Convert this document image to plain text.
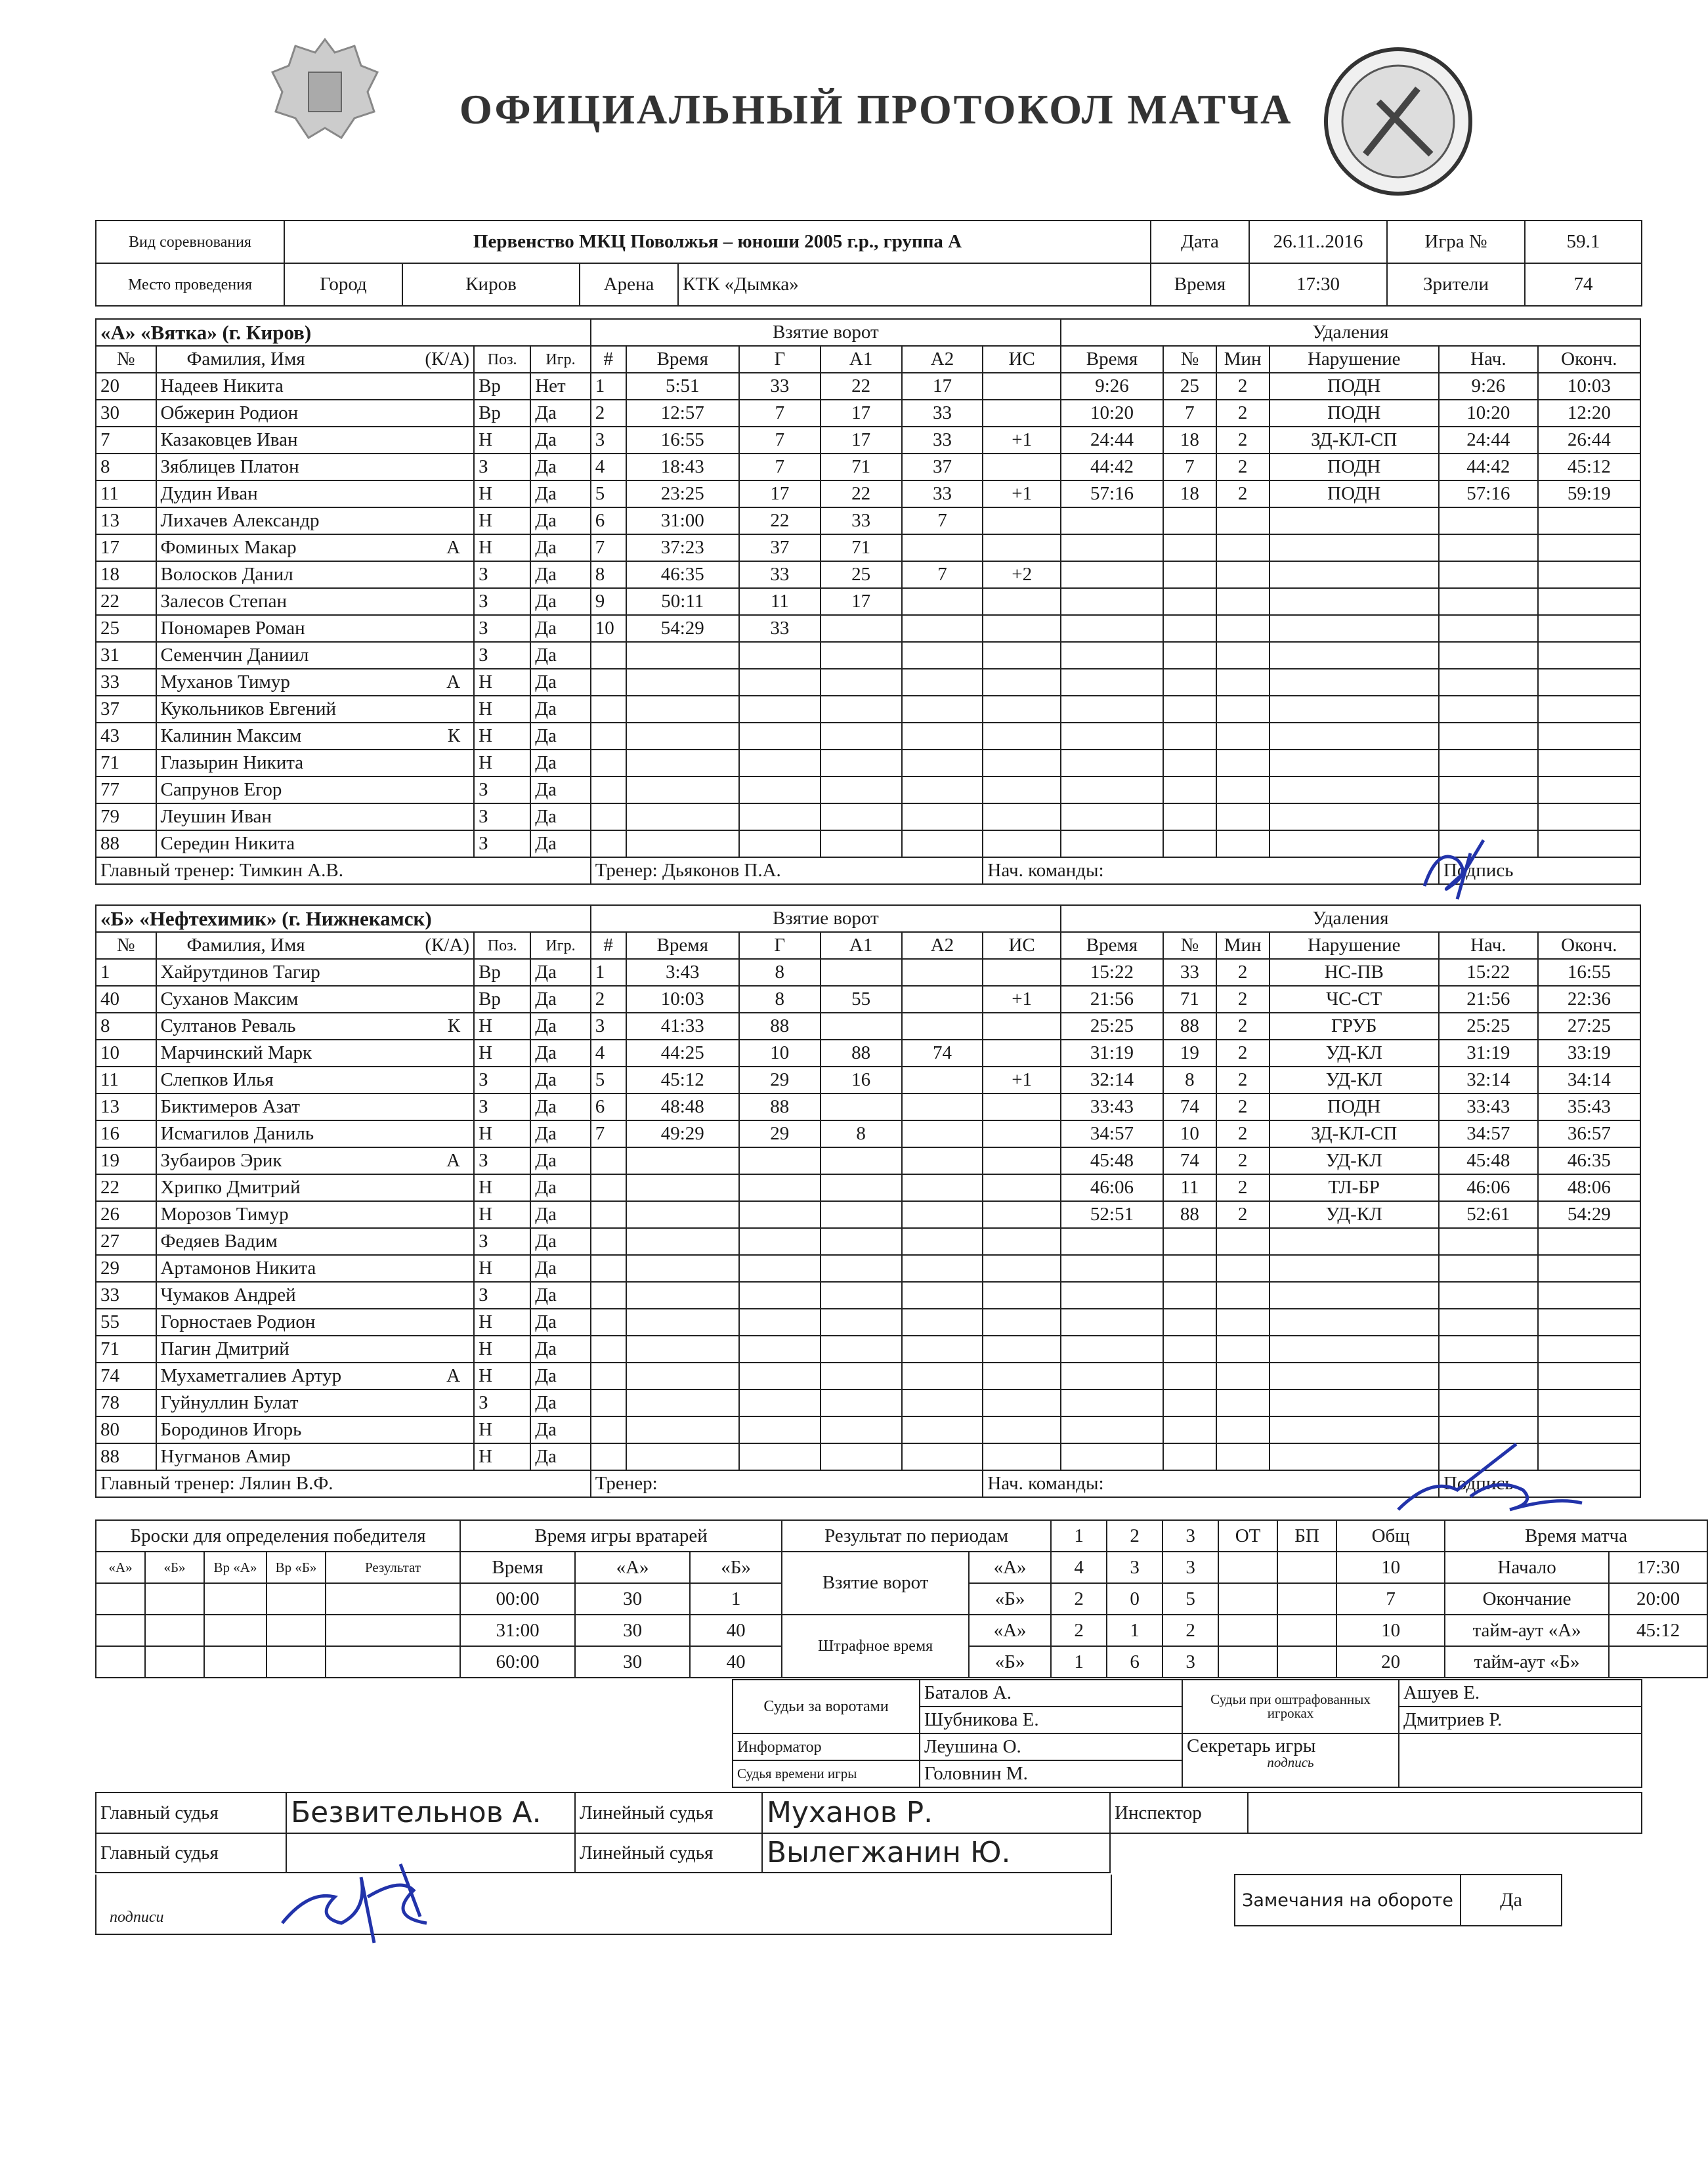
ОФИЦИАЛЬНЫЙ ПРОТОКОЛ МАТЧА
Вид соревнования	Первенство МКЦ Поволжья – юноши 2005 г.р., группа А	Дата	26.11..2016	Игра №	59.1
Место проведения	Город	Киров	Арена	КТК «Дымка»	Время	17:30	Зрители	74
«А» «Вятка» (г. Киров)				Взятие ворот						Удаления					
№	Фамилия, Имя (К/А)	Поз.	Игр.	#	Время	Г	А1	А2	ИС	Время	№	Мин	Нарушение	Нач.	Оконч.
20	Надеев Никита	Вр	Нет	1	5:51	33	22	17		9:26	25	2	ПОДН	9:26	10:03
30	Обжерин Родион	Вр	Да	2	12:57	7	17	33		10:20	7	2	ПОДН	10:20	12:20
7	Казаковцев Иван	Н	Да	3	16:55	7	17	33	+1	24:44	18	2	ЗД-КЛ-СП	24:44	26:44
8	Зяблицев Платон	З	Да	4	18:43	7	71	37		44:42	7	2	ПОДН	44:42	45:12
11	Дудин Иван	Н	Да	5	23:25	17	22	33	+1	57:16	18	2	ПОДН	57:16	59:19
13	Лихачев Александр	Н	Да	6	31:00	22	33	7							
17	Фоминых Макар А	Н	Да	7	37:23	37	71								
18	Волосков Данил	З	Да	8	46:35	33	25	7	+2						
22	Залесов Степан	З	Да	9	50:11	11	17								
25	Пономарев Роман	З	Да	10	54:29	33									
31	Семенчин Даниил	З	Да												
33	Муханов Тимур А	Н	Да												
37	Кукольников Евгений	Н	Да												
43	Калинин Максим К	Н	Да												
71	Глазырин Никита	Н	Да												
77	Сапрунов Егор	З	Да												
79	Леушин Иван	З	Да												
88	Середин Никита	З	Да												
Главный тренер: Тимкин А.В.				Тренер: Дьяконов П.А.					Нач. команды:					Подпись	
«Б» «Нефтехимик» (г. Нижнекамск)				Взятие ворот						Удаления					
№	Фамилия, Имя (К/А)	Поз.	Игр.	#	Время	Г	А1	А2	ИС	Время	№	Мин	Нарушение	Нач.	Оконч.
1	Хайрутдинов Тагир	Вр	Да	1	3:43	8				15:22	33	2	НС-ПВ	15:22	16:55
40	Суханов Максим	Вр	Да	2	10:03	8	55		+1	21:56	71	2	ЧС-СТ	21:56	22:36
8	Султанов Реваль К	Н	Да	3	41:33	88				25:25	88	2	ГРУБ	25:25	27:25
10	Марчинский Марк	Н	Да	4	44:25	10	88	74		31:19	19	2	УД-КЛ	31:19	33:19
11	Слепков Илья	З	Да	5	45:12	29	16		+1	32:14	8	2	УД-КЛ	32:14	34:14
13	Биктимеров Азат	З	Да	6	48:48	88				33:43	74	2	ПОДН	33:43	35:43
16	Исмагилов Даниль	Н	Да	7	49:29	29	8			34:57	10	2	ЗД-КЛ-СП	34:57	36:57
19	Зубаиров Эрик А	З	Да							45:48	74	2	УД-КЛ	45:48	46:35
22	Хрипко Дмитрий	Н	Да							46:06	11	2	ТЛ-БР	46:06	48:06
26	Морозов Тимур	Н	Да							52:51	88	2	УД-КЛ	52:61	54:29
27	Федяев Вадим	З	Да												
29	Артамонов Никита	Н	Да												
33	Чумаков Андрей	З	Да												
55	Горностаев Родион	Н	Да												
71	Пагин Дмитрий	Н	Да												
74	Мухаметгалиев Артур А	Н	Да												
78	Гуйнуллин Булат	З	Да												
80	Бородинов Игорь	Н	Да												
88	Нугманов Амир	Н	Да												
Главный тренер: Лялин В.Ф.				Тренер:					Нач. команды:					Подпись	
Броски для определения победителя					Время игры вратарей			Результат по периодам		1	2	3	ОТ	БП	Общ	Время матча	
«А»	«Б»	Вр «А»	Вр «Б»	Результат	Время	«А»	«Б»	Взятие ворот	«А»	4	3	3			10	Начало	17:30
					00:00	30	1		«Б»	2	0	5			7	Окончание	20:00
					31:00	30	40	Штрафное время	«А»	2	1	2			10	тайм-аут «А»	45:12
					60:00	30	40		«Б»	1	6	3			20	тайм-аут «Б»	
Судьи за воротами	Баталов А.	Судьи при оштрафованных игроках	Ашуев Е.
	Шубникова Е.		Дмитриев Р.
Информатор	Леушина О.	Секретарь игры
подпись	

Судья времени игры	Головнин М.		
Главный судья	Безвительнов А.	Линейный судья	Муханов Р.	Инспектор	
Главный судья		Линейный судья	Вылегжанин Ю.		
подписи
Замечания на обороте	Да
